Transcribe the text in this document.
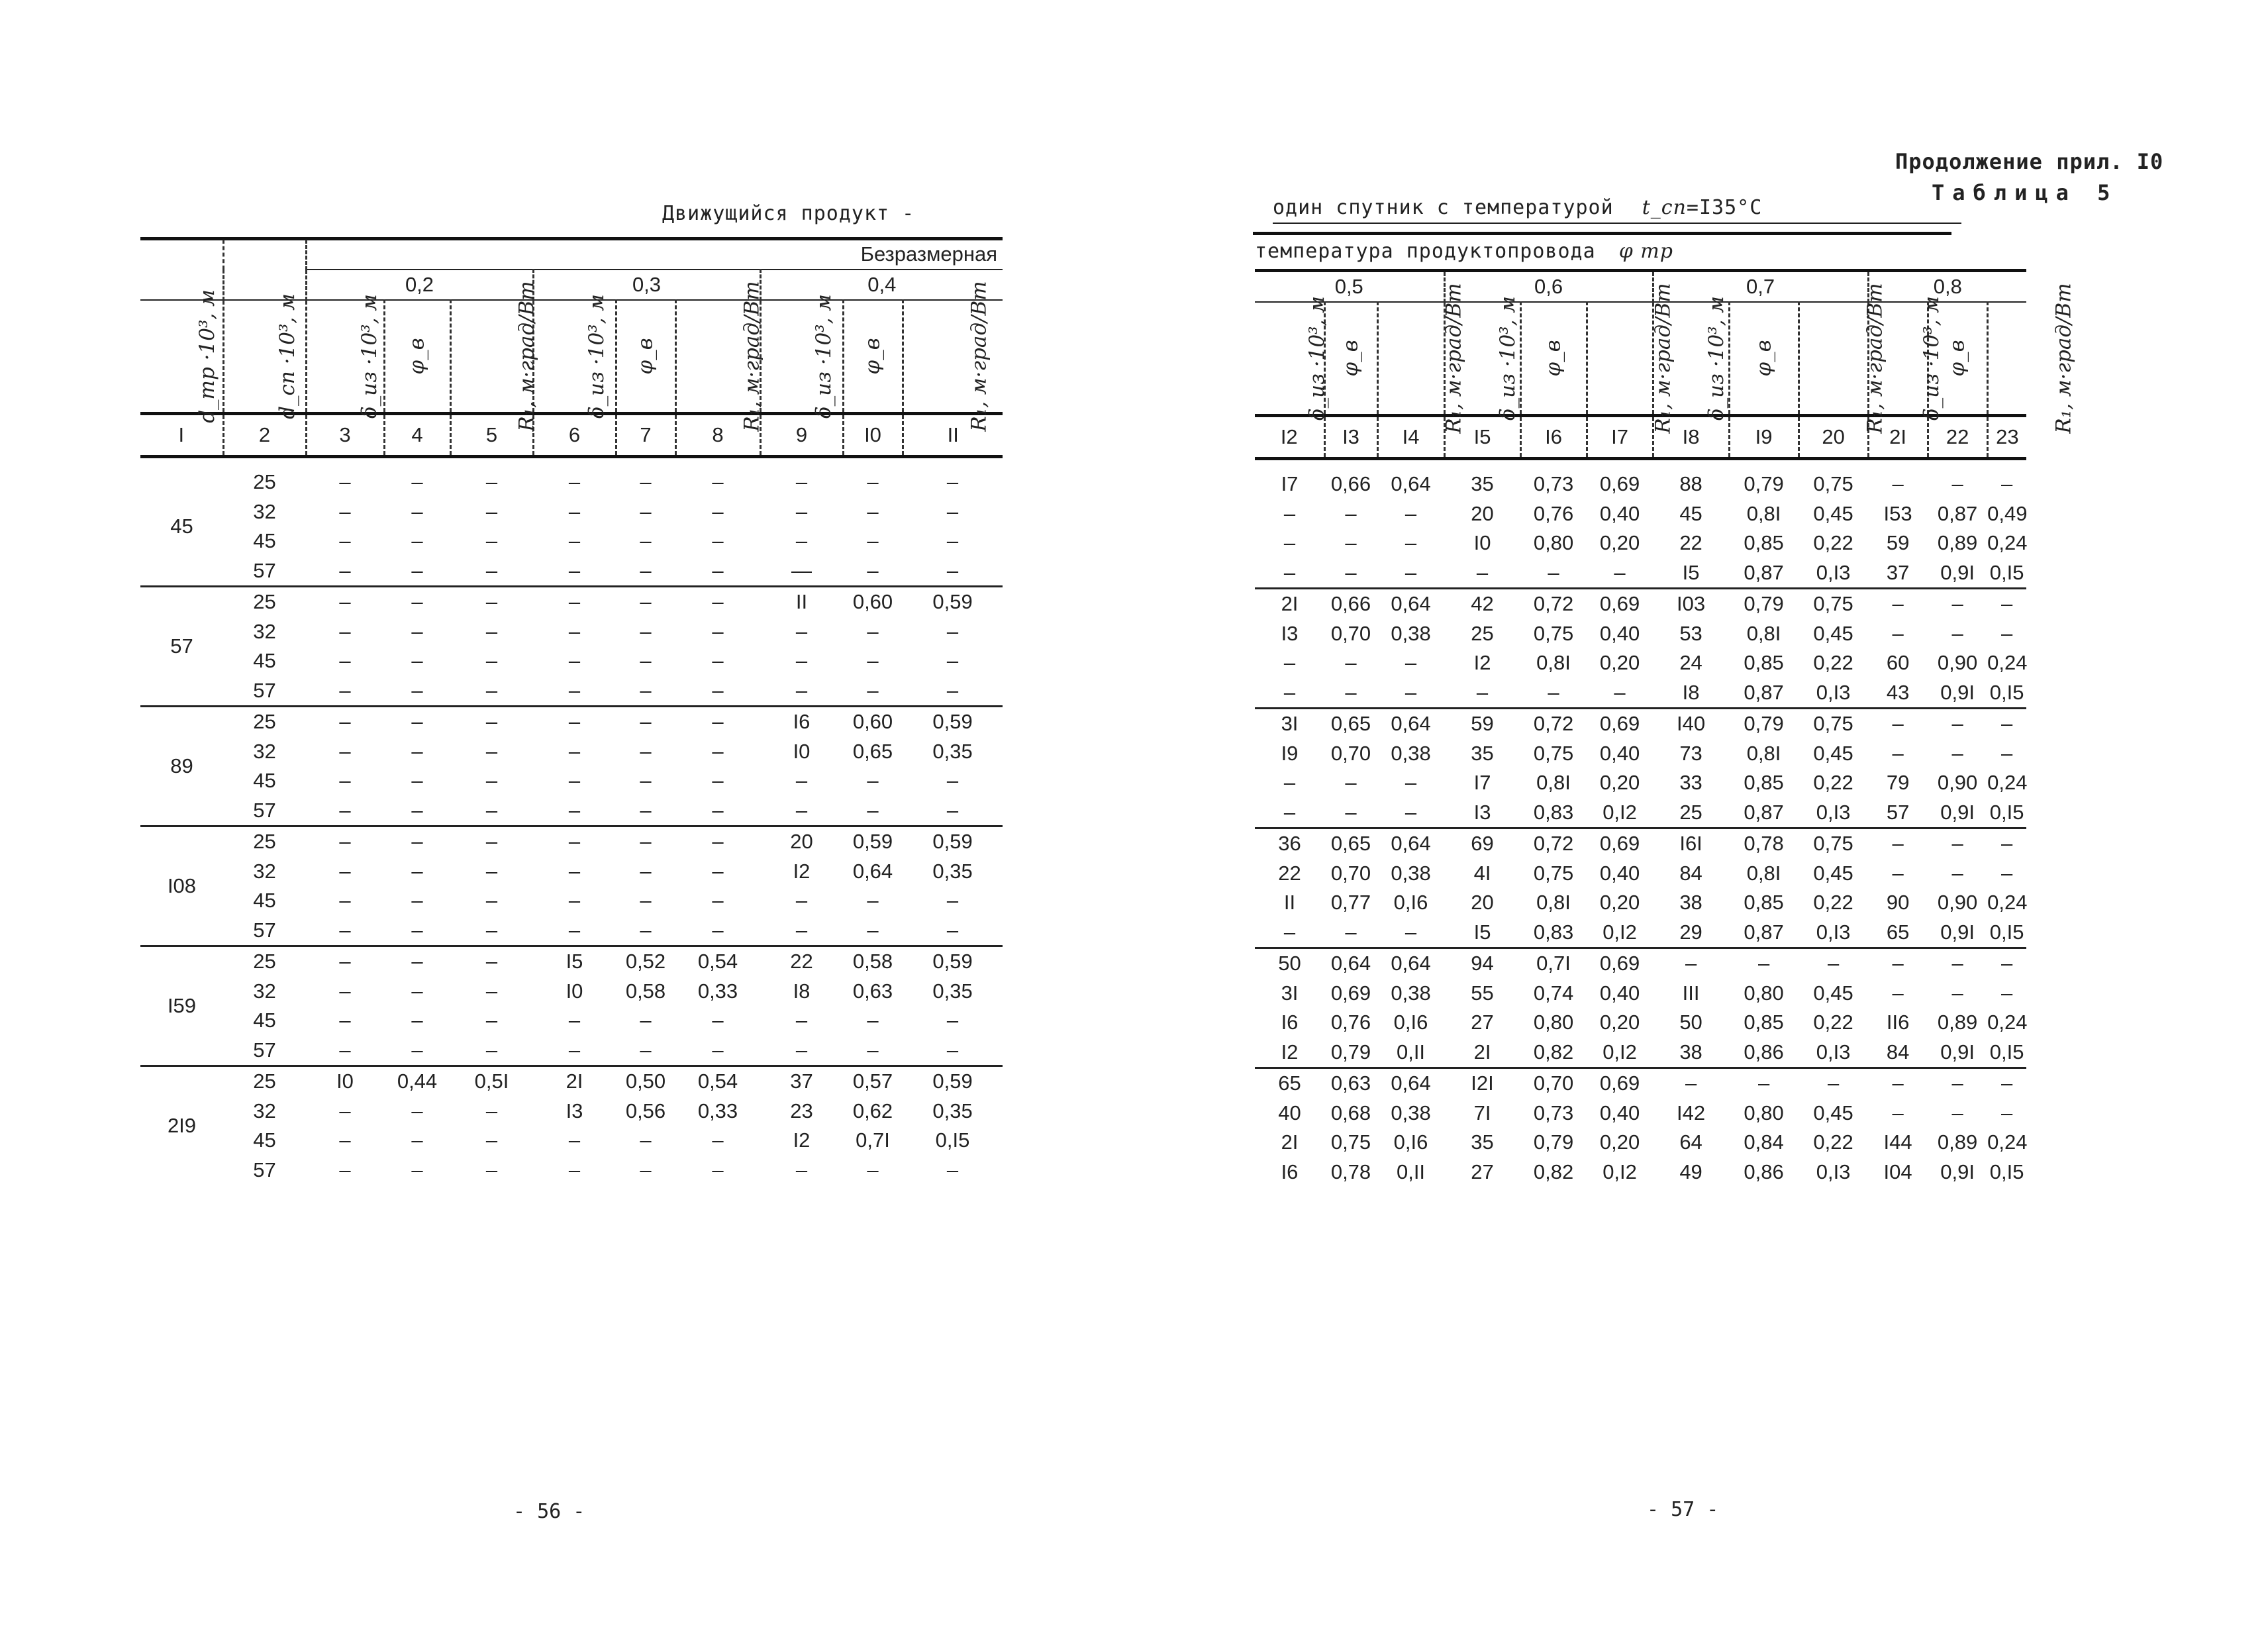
Движущийся продукт -
		Безразмерная								
		0,2			0,3			0,4		
d_тр ·10³, м	d_сп ·10³, м	δ_из ·10³, м	φ_в	R₁, м·град/Вт	δ_из ·10³, м	φ_в	R₁, м·град/Вт	δ_из ·10³, м	φ_в	R₁, м·град/Вт
I	2	3	4	5	6	7	8	9	I0	II

45	25	–	–	–	–	–	–	–	–	–
	32	–	–	–	–	–	–	–	–	–
	45	–	–	–	–	–	–	–	–	–
	57	–	–	–	–	–	–	—	–	–
57	25	–	–	–	–	–	–	II	0,60	0,59
	32	–	–	–	–	–	–	–	–	–
	45	–	–	–	–	–	–	–	–	–
	57	–	–	–	–	–	–	–	–	–
89	25	–	–	–	–	–	–	I6	0,60	0,59
	32	–	–	–	–	–	–	I0	0,65	0,35
	45	–	–	–	–	–	–	–	–	–
	57	–	–	–	–	–	–	–	–	–
I08	25	–	–	–	–	–	–	20	0,59	0,59
	32	–	–	–	–	–	–	I2	0,64	0,35
	45	–	–	–	–	–	–	–	–	–
	57	–	–	–	–	–	–	–	–	–
I59	25	–	–	–	I5	0,52	0,54	22	0,58	0,59
	32	–	–	–	I0	0,58	0,33	I8	0,63	0,35
	45	–	–	–	–	–	–	–	–	–
	57	–	–	–	–	–	–	–	–	–
2I9	25	I0	0,44	0,5I	2I	0,50	0,54	37	0,57	0,59
	32	–	–	–	I3	0,56	0,33	23	0,62	0,35
	45	–	–	–	–	–	–	I2	0,7I	0,I5
	57	–	–	–	–	–	–	–	–	–
- 56 -
Продолжение прил. I0
Таблица 5
один спутник с температурой t_сп=I35°C
температура продуктопровода φ тр
0,5			0,6			0,7			0,8		
δ_из ·10³, м	φ_в	R₁, м·град/Вт	δ_из ·10³, м	φ_в	R₁, м·град/Вт	δ_из ·10³, м	φ_в	R₁, м·град/Вт	δ_из ·10³, м	φ_в	R₁, м·град/Вт
I2	I3	I4	I5	I6	I7	I8	I9	20	2I	22	23

I7	0,66	0,64	35	0,73	0,69	88	0,79	0,75	–	–	–
–	–	–	20	0,76	0,40	45	0,8I	0,45	I53	0,87	0,49
–	–	–	I0	0,80	0,20	22	0,85	0,22	59	0,89	0,24
–	–	–	–	–	–	I5	0,87	0,I3	37	0,9I	0,I5
2I	0,66	0,64	42	0,72	0,69	I03	0,79	0,75	–	–	–
I3	0,70	0,38	25	0,75	0,40	53	0,8I	0,45	–	–	–
–	–	–	I2	0,8I	0,20	24	0,85	0,22	60	0,90	0,24
–	–	–	–	–	–	I8	0,87	0,I3	43	0,9I	0,I5
3I	0,65	0,64	59	0,72	0,69	I40	0,79	0,75	–	–	–
I9	0,70	0,38	35	0,75	0,40	73	0,8I	0,45	–	–	–
–	–	–	I7	0,8I	0,20	33	0,85	0,22	79	0,90	0,24
–	–	–	I3	0,83	0,I2	25	0,87	0,I3	57	0,9I	0,I5
36	0,65	0,64	69	0,72	0,69	I6I	0,78	0,75	–	–	–
22	0,70	0,38	4I	0,75	0,40	84	0,8I	0,45	–	–	–
II	0,77	0,I6	20	0,8I	0,20	38	0,85	0,22	90	0,90	0,24
–	–	–	I5	0,83	0,I2	29	0,87	0,I3	65	0,9I	0,I5
50	0,64	0,64	94	0,7I	0,69	–	–	–	–	–	–
3I	0,69	0,38	55	0,74	0,40	III	0,80	0,45	–	–	–
I6	0,76	0,I6	27	0,80	0,20	50	0,85	0,22	II6	0,89	0,24
I2	0,79	0,II	2I	0,82	0,I2	38	0,86	0,I3	84	0,9I	0,I5
65	0,63	0,64	I2I	0,70	0,69	–	–	–	–	–	–
40	0,68	0,38	7I	0,73	0,40	I42	0,80	0,45	–	–	–
2I	0,75	0,I6	35	0,79	0,20	64	0,84	0,22	I44	0,89	0,24
I6	0,78	0,II	27	0,82	0,I2	49	0,86	0,I3	I04	0,9I	0,I5
- 57 -
